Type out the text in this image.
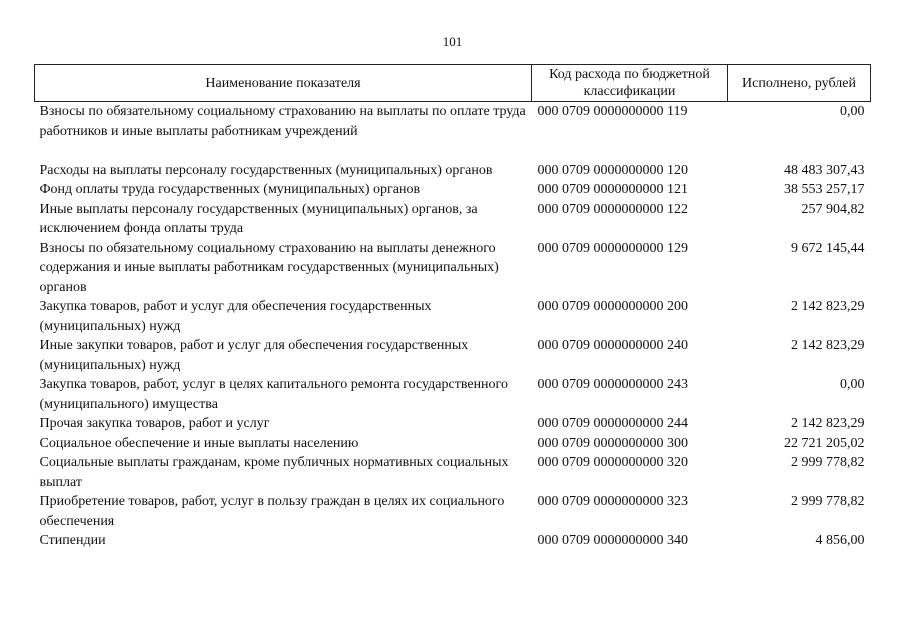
101
Наименование показателя	Код расхода по бюджетной классификации	Исполнено, рублей
Взносы по обязательному социальному страхованию на выплаты по оплате труда работников и иные выплаты работникам учреждений	000 0709 0000000000 119	0,00
Расходы на выплаты персоналу государственных (муниципальных) органов	000 0709 0000000000 120	48 483 307,43
Фонд оплаты труда государственных (муниципальных) органов	000 0709 0000000000 121	38 553 257,17
Иные выплаты персоналу государственных (муниципальных) органов, за исключением фонда оплаты труда	000 0709 0000000000 122	257 904,82
Взносы по обязательному социальному страхованию на выплаты денежного содержания и иные выплаты работникам государственных (муниципальных) органов	000 0709 0000000000 129	9 672 145,44
Закупка товаров, работ и услуг для обеспечения государственных (муниципальных) нужд	000 0709 0000000000 200	2 142 823,29
Иные закупки товаров, работ и услуг для обеспечения государственных (муниципальных) нужд	000 0709 0000000000 240	2 142 823,29
Закупка товаров, работ, услуг в целях капитального ремонта государственного (муниципального) имущества	000 0709 0000000000 243	0,00
Прочая закупка товаров, работ и услуг	000 0709 0000000000 244	2 142 823,29
Социальное обеспечение и иные выплаты населению	000 0709 0000000000 300	22 721 205,02
Социальные выплаты гражданам, кроме публичных нормативных социальных выплат	000 0709 0000000000 320	2 999 778,82
Приобретение товаров, работ, услуг в пользу граждан в целях их социального обеспечения	000 0709 0000000000 323	2 999 778,82
Стипендии	000 0709 0000000000 340	4 856,00
